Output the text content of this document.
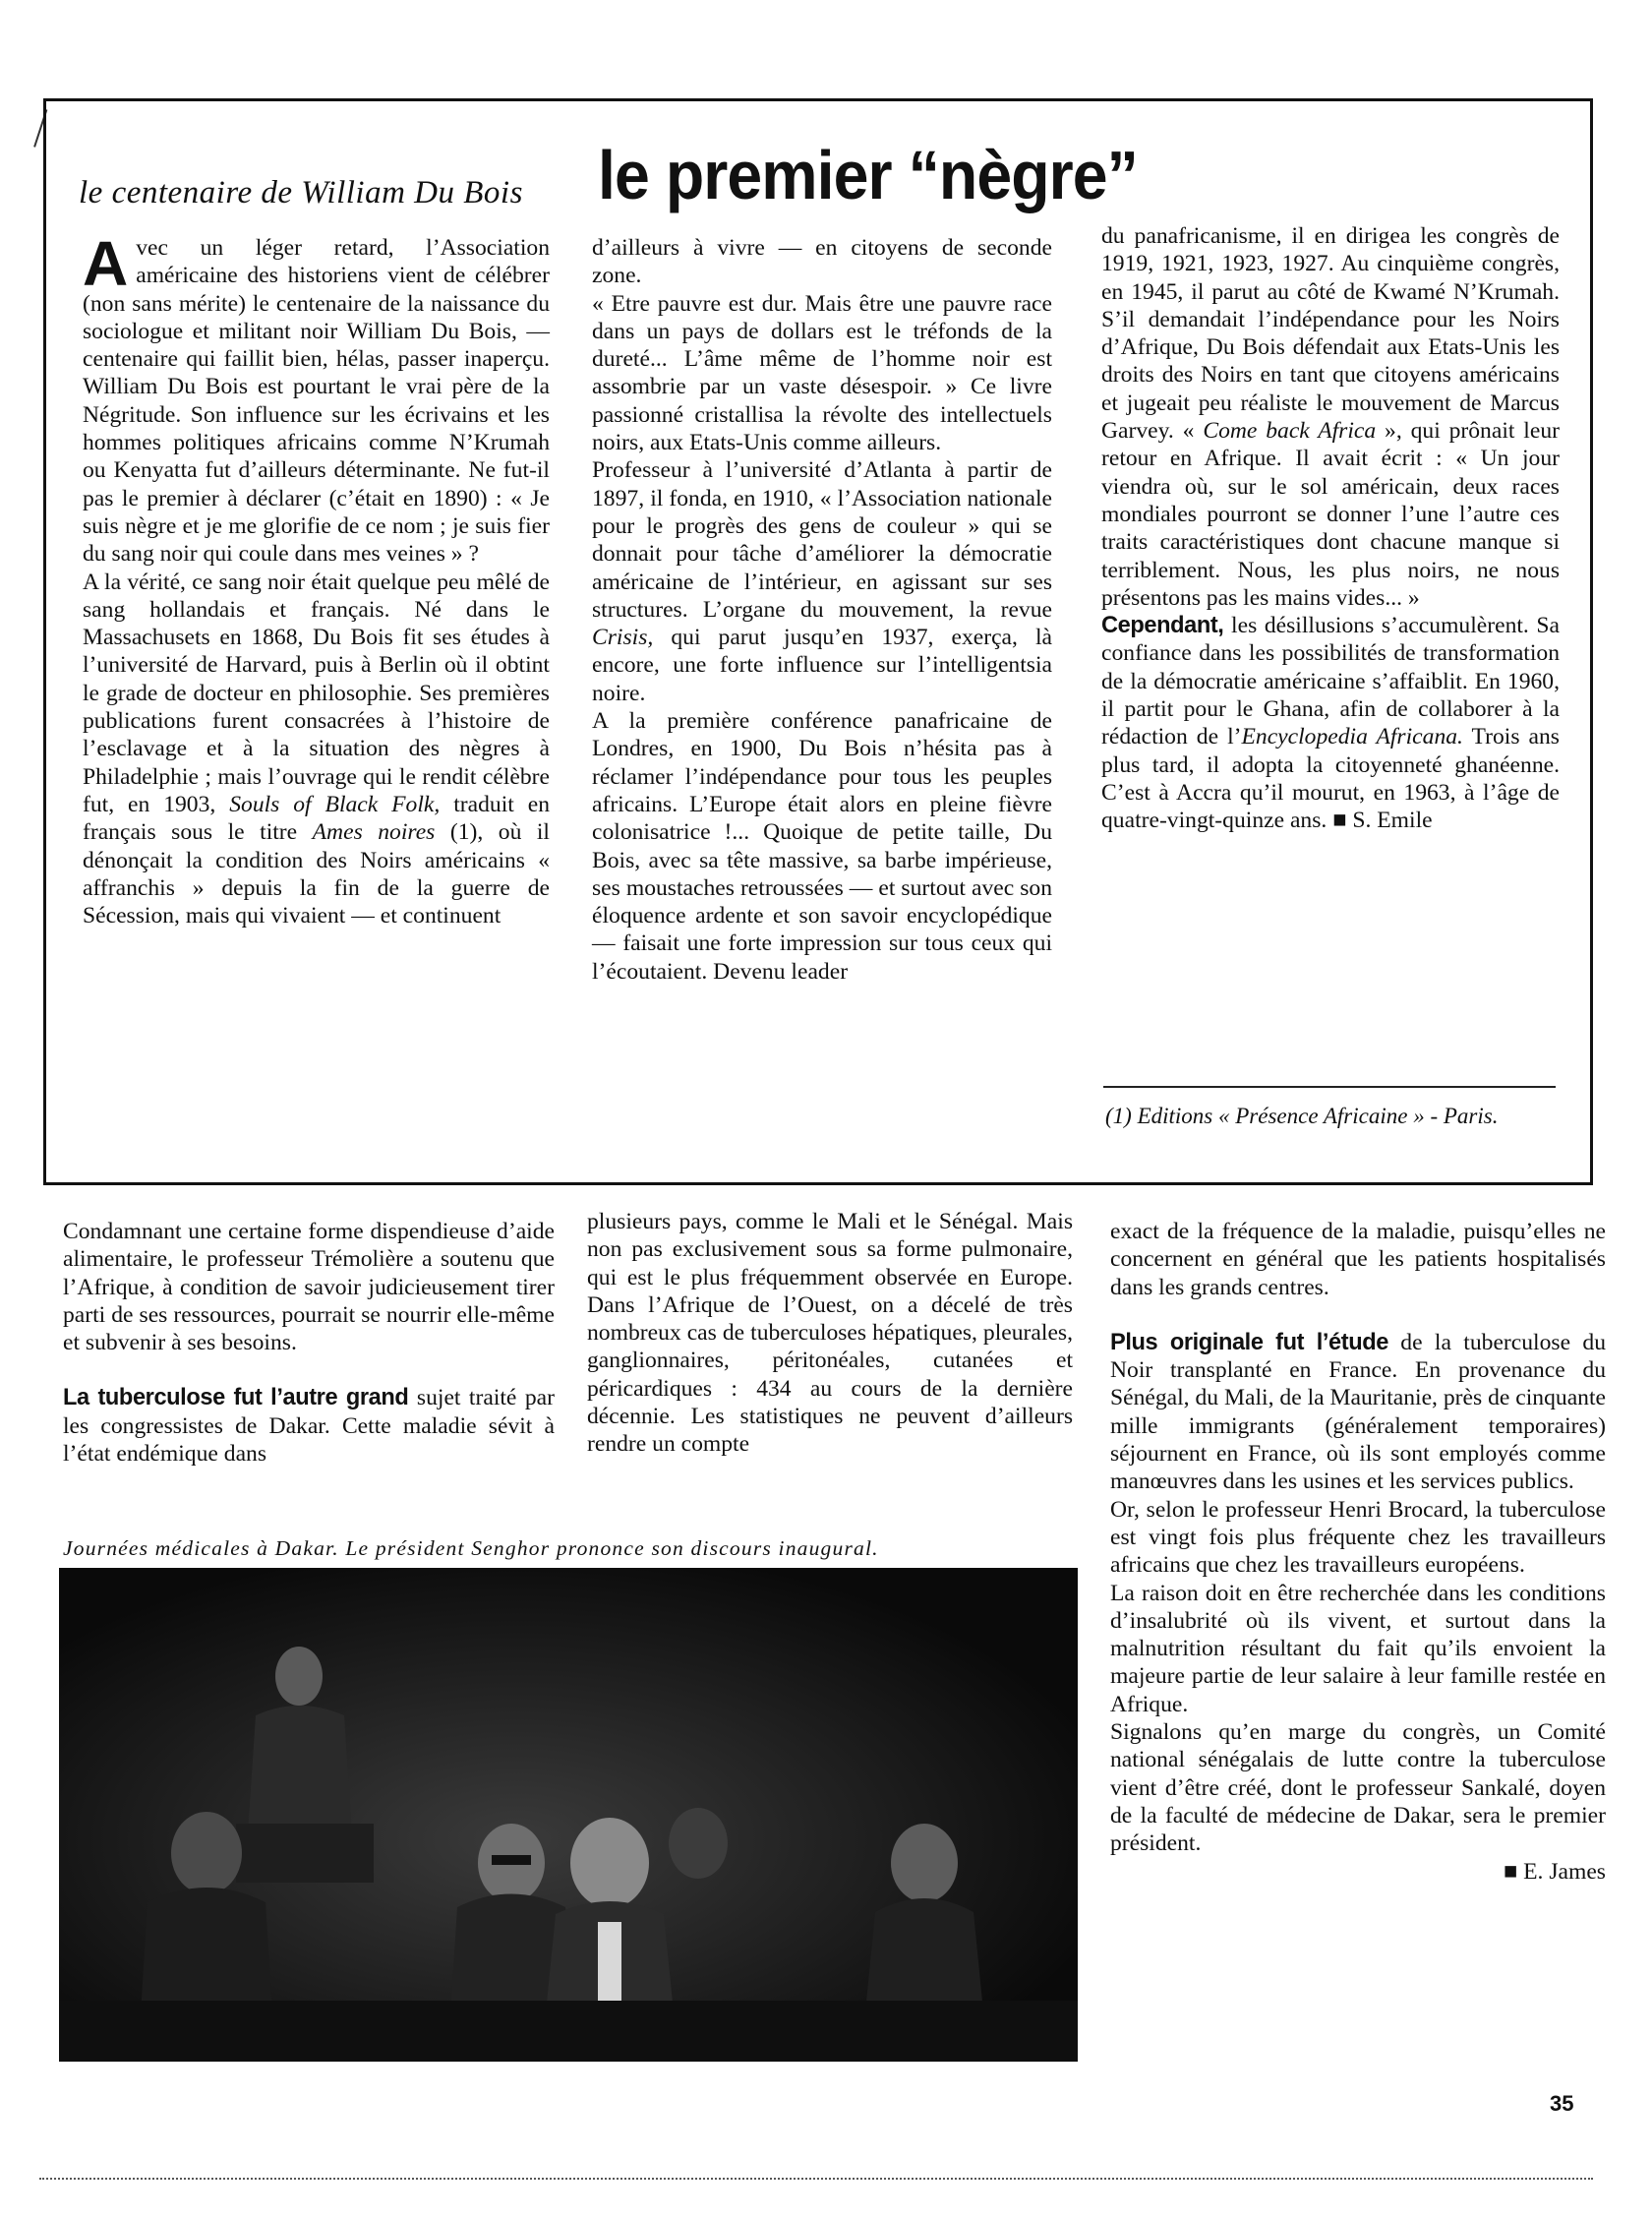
le centenaire de William Du Bois le premier “nègre”

Avec un léger retard, l’Association américaine des historiens vient de célébrer (non sans mérite) le centenaire de la naissance du sociologue et militant noir William Du Bois, — centenaire qui faillit bien, hélas, passer inaperçu. William Du Bois est pourtant le vrai père de la Négritude. Son influence sur les écrivains et les hommes politiques africains comme N’Krumah ou Kenyatta fut d’ailleurs déterminante. Ne fut-il pas le premier à déclarer (c’était en 1890) : « Je suis nègre et je me glorifie de ce nom ; je suis fier du sang noir qui coule dans mes veines » ?

A la vérité, ce sang noir était quelque peu mêlé de sang hollandais et français. Né dans le Massachusets en 1868, Du Bois fit ses études à l’université de Harvard, puis à Berlin où il obtint le grade de docteur en philosophie. Ses premières publications furent consacrées à l’histoire de l’esclavage et à la situation des nègres à Philadelphie ; mais l’ouvrage qui le rendit célèbre fut, en 1903, Souls of Black Folk, traduit en français sous le titre Ames noires (1), où il dénonçait la condition des Noirs américains « affranchis » depuis la fin de la guerre de Sécession, mais qui vivaient — et continuent

d’ailleurs à vivre — en citoyens de seconde zone.

« Etre pauvre est dur. Mais être une pauvre race dans un pays de dollars est le tréfonds de la dureté... L’âme même de l’homme noir est assombrie par un vaste désespoir. » Ce livre passionné cristallisa la révolte des intellectuels noirs, aux Etats-Unis comme ailleurs.

Professeur à l’université d’Atlanta à partir de 1897, il fonda, en 1910, « l’Association nationale pour le progrès des gens de couleur » qui se donnait pour tâche d’améliorer la démocratie américaine de l’intérieur, en agissant sur ses structures. L’organe du mouvement, la revue Crisis, qui parut jusqu’en 1937, exerça, là encore, une forte influence sur l’intelligentsia noire.

A la première conférence panafricaine de Londres, en 1900, Du Bois n’hésita pas à réclamer l’indépendance pour tous les peuples africains. L’Europe était alors en pleine fièvre colonisatrice !... Quoique de petite taille, Du Bois, avec sa tête massive, sa barbe impérieuse, ses moustaches retroussées — et surtout avec son éloquence ardente et son savoir encyclopédique — faisait une forte impression sur tous ceux qui l’écoutaient. Devenu leader

du panafricanisme, il en dirigea les congrès de 1919, 1921, 1923, 1927. Au cinquième congrès, en 1945, il parut au côté de Kwamé N’Krumah. S’il demandait l’indépendance pour les Noirs d’Afrique, Du Bois défendait aux Etats-Unis les droits des Noirs en tant que citoyens américains et jugeait peu réaliste le mouvement de Marcus Garvey. « Come back Africa », qui prônait leur retour en Afrique. Il avait écrit : « Un jour viendra où, sur le sol américain, deux races mondiales pourront se donner l’une l’autre ces traits caractéristiques dont chacune manque si terriblement. Nous, les plus noirs, ne nous présentons pas les mains vides... »

Cependant, les désillusions s’accumulèrent. Sa confiance dans les possibilités de transformation de la démocratie américaine s’affaiblit. En 1960, il partit pour le Ghana, afin de collaborer à la rédaction de l’Encyclopedia Africana. Trois ans plus tard, il adopta la citoyenneté ghanéenne. C’est à Accra qu’il mourut, en 1963, à l’âge de quatre-vingt-quinze ans. ■ S. Emile

(1) Editions « Présence Africaine » - Paris.

Condamnant une certaine forme dispendieuse d’aide alimentaire, le professeur Trémolière a soutenu que l’Afrique, à condition de savoir judicieusement tirer parti de ses ressources, pourrait se nourrir elle-même et subvenir à ses besoins.

La tuberculose fut l’autre grand sujet traité par les congressistes de Dakar. Cette maladie sévit à l’état endémique dans

plusieurs pays, comme le Mali et le Sénégal. Mais non pas exclusivement sous sa forme pulmonaire, qui est le plus fréquemment observée en Europe. Dans l’Afrique de l’Ouest, on a décelé de très nombreux cas de tuberculoses hépatiques, pleurales, ganglionnaires, péritonéales, cutanées et péricardiques : 434 au cours de la dernière décennie. Les statistiques ne peuvent d’ailleurs rendre un compte

exact de la fréquence de la maladie, puisqu’elles ne concernent en général que les patients hospitalisés dans les grands centres.

Plus originale fut l’étude de la tuberculose du Noir transplanté en France. En provenance du Sénégal, du Mali, de la Mauritanie, près de cinquante mille immigrants (généralement temporaires) séjournent en France, où ils sont employés comme manœuvres dans les usines et les services publics.

Or, selon le professeur Henri Brocard, la tuberculose est vingt fois plus fréquente chez les travailleurs africains que chez les travailleurs européens.

La raison doit en être recherchée dans les conditions d’insalubrité où ils vivent, et surtout dans la malnutrition résultant du fait qu’ils envoient la majeure partie de leur salaire à leur famille restée en Afrique.

Signalons qu’en marge du congrès, un Comité national sénégalais de lutte contre la tuberculose vient d’être créé, dont le professeur Sankalé, doyen de la faculté de médecine de Dakar, sera le premier président.

■ E. James

Journées médicales à Dakar. Le président Senghor prononce son discours inaugural.
35
